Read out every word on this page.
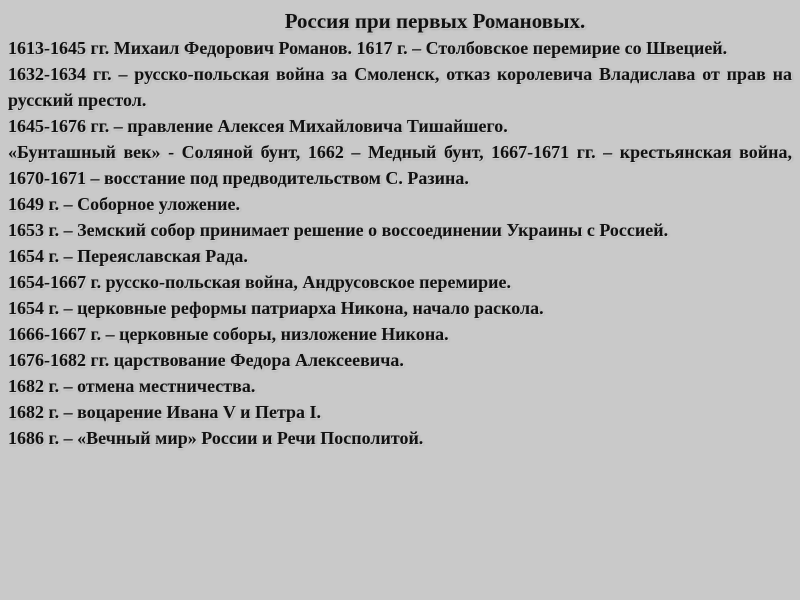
Россия при первых Романовых.

1613-1645 гг. Михаил Федорович Романов. 1617 г. – Столбовское перемирие со Швецией.

1632-1634 гг. – русско-польская война за Смоленск, отказ королевича Владислава от прав на русский престол.

1645-1676 гг. – правление Алексея Михайловича Тишайшего.

«Бунташный век» - Соляной бунт, 1662 – Медный бунт, 1667-1671 гг. – крестьянская война, 1670-1671 – восстание под предводительством С. Разина.

1649 г. – Соборное уложение.

1653 г. – Земский собор принимает решение о воссоединении Украины с Россией.

1654 г. – Переяславская Рада.

1654-1667 г. русско-польская война, Андрусовское перемирие.

1654 г. – церковные реформы патриарха Никона, начало раскола.

1666-1667 г. – церковные соборы, низложение Никона.

1676-1682 гг. царствование Федора Алексеевича.

1682 г. – отмена местничества.

1682 г. – воцарение Ивана V и Петра I.

1686 г. – «Вечный мир» России и Речи Посполитой.
